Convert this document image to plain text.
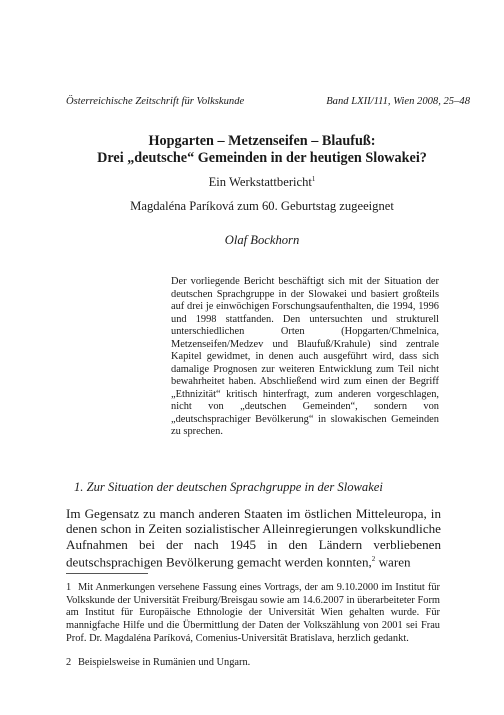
Österreichische Zeitschrift für Volkskunde	Band LXII/111, Wien 2008, 25–48
Hopgarten – Metzenseifen – Blaufuß:
Drei „deutsche“ Gemeinden in der heutigen Slowakei?
Ein Werkstattbericht$^1$
Magdaléna Paríková zum 60. Geburtstag zugeeignet
Olaf Bockhorn
Der vorliegende Bericht beschäftigt sich mit der Situation der deutschen Sprachgruppe in der Slowakei und basiert großteils auf drei je einwöchigen Forschungsaufenthalten, die 1994, 1996 und 1998 stattfanden. Den untersuchten und strukturell unterschiedlichen Orten (Hopgarten/Chmelnica, Metzenseifen/Medzev und Blaufuß/Krahule) sind zentrale Kapitel gewidmet, in denen auch ausgeführt wird, dass sich damalige Prognosen zur weiteren Entwicklung zum Teil nicht bewahrheitet haben. Abschließend wird zum einen der Begriff „Ethnizität“ kritisch hinterfragt, zum anderen vorgeschlagen, nicht von „deutschen Gemeinden“, sondern von „deutschsprachiger Bevölkerung“ in slowakischen Gemeinden zu sprechen.
1. Zur Situation der deutschen Sprachgruppe in der Slowakei
Im Gegensatz zu manch anderen Staaten im östlichen Mitteleuropa, in denen schon in Zeiten sozialistischer Alleinregierungen volkskundliche Aufnahmen bei der nach 1945 in den Ländern verbliebenen deutschsprachigen Bevölkerung gemacht werden konnten,$^2$ waren
1 Mit Anmerkungen versehene Fassung eines Vortrags, der am 9.10.2000 im Institut für Volkskunde der Universität Freiburg/Breisgau sowie am 14.6.2007 in überarbeiteter Form am Institut für Europäische Ethnologie der Universität Wien gehalten wurde. Für mannigfache Hilfe und die Übermittlung der Daten der Volkszählung von 2001 sei Frau Prof. Dr. Magdaléna Paríková, Comenius-Universität Bratislava, herzlich gedankt.
2 Beispielsweise in Rumänien und Ungarn.
